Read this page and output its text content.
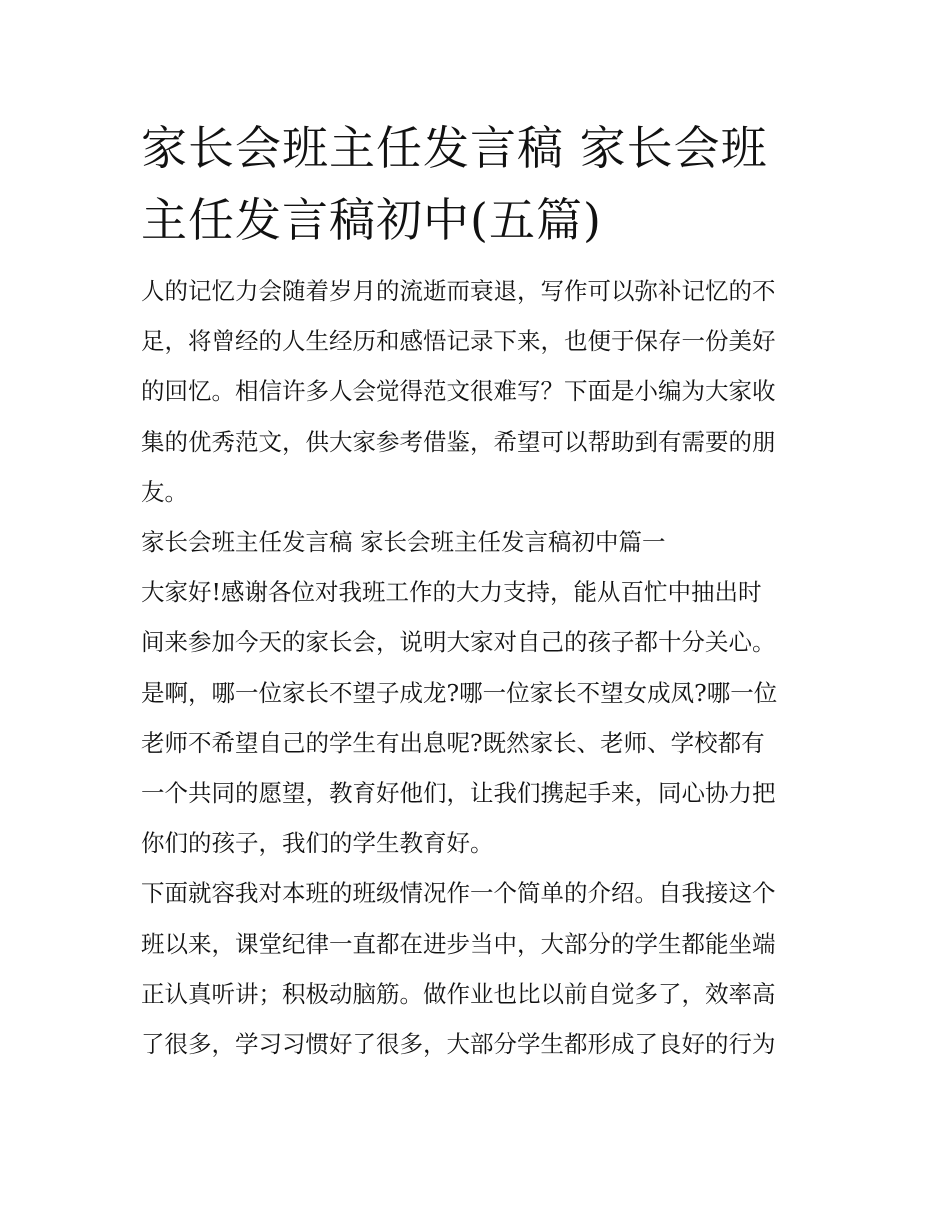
家长会班主任发言稿 家长会班
主任发言稿初中(五篇)

人的记忆力会随着岁月的流逝而衰退，写作可以弥补记忆的不
足，将曾经的人生经历和感悟记录下来，也便于保存一份美好
的回忆。相信许多人会觉得范文很难写？下面是小编为大家收
集的优秀范文，供大家参考借鉴，希望可以帮助到有需要的朋
友。

家长会班主任发言稿 家长会班主任发言稿初中篇一

大家好!感谢各位对我班工作的大力支持，能从百忙中抽出时
间来参加今天的家长会，说明大家对自己的孩子都十分关心。
是啊，哪一位家长不望子成龙?哪一位家长不望女成凤?哪一位
老师不希望自己的学生有出息呢?既然家长、老师、学校都有
一个共同的愿望，教育好他们，让我们携起手来，同心协力把
你们的孩子，我们的学生教育好。

下面就容我对本班的班级情况作一个简单的介绍。自我接这个
班以来，课堂纪律一直都在进步当中，大部分的学生都能坐端
正认真听讲；积极动脑筋。做作业也比以前自觉多了，效率高
了很多，学习习惯好了很多，大部分学生都形成了良好的行为
